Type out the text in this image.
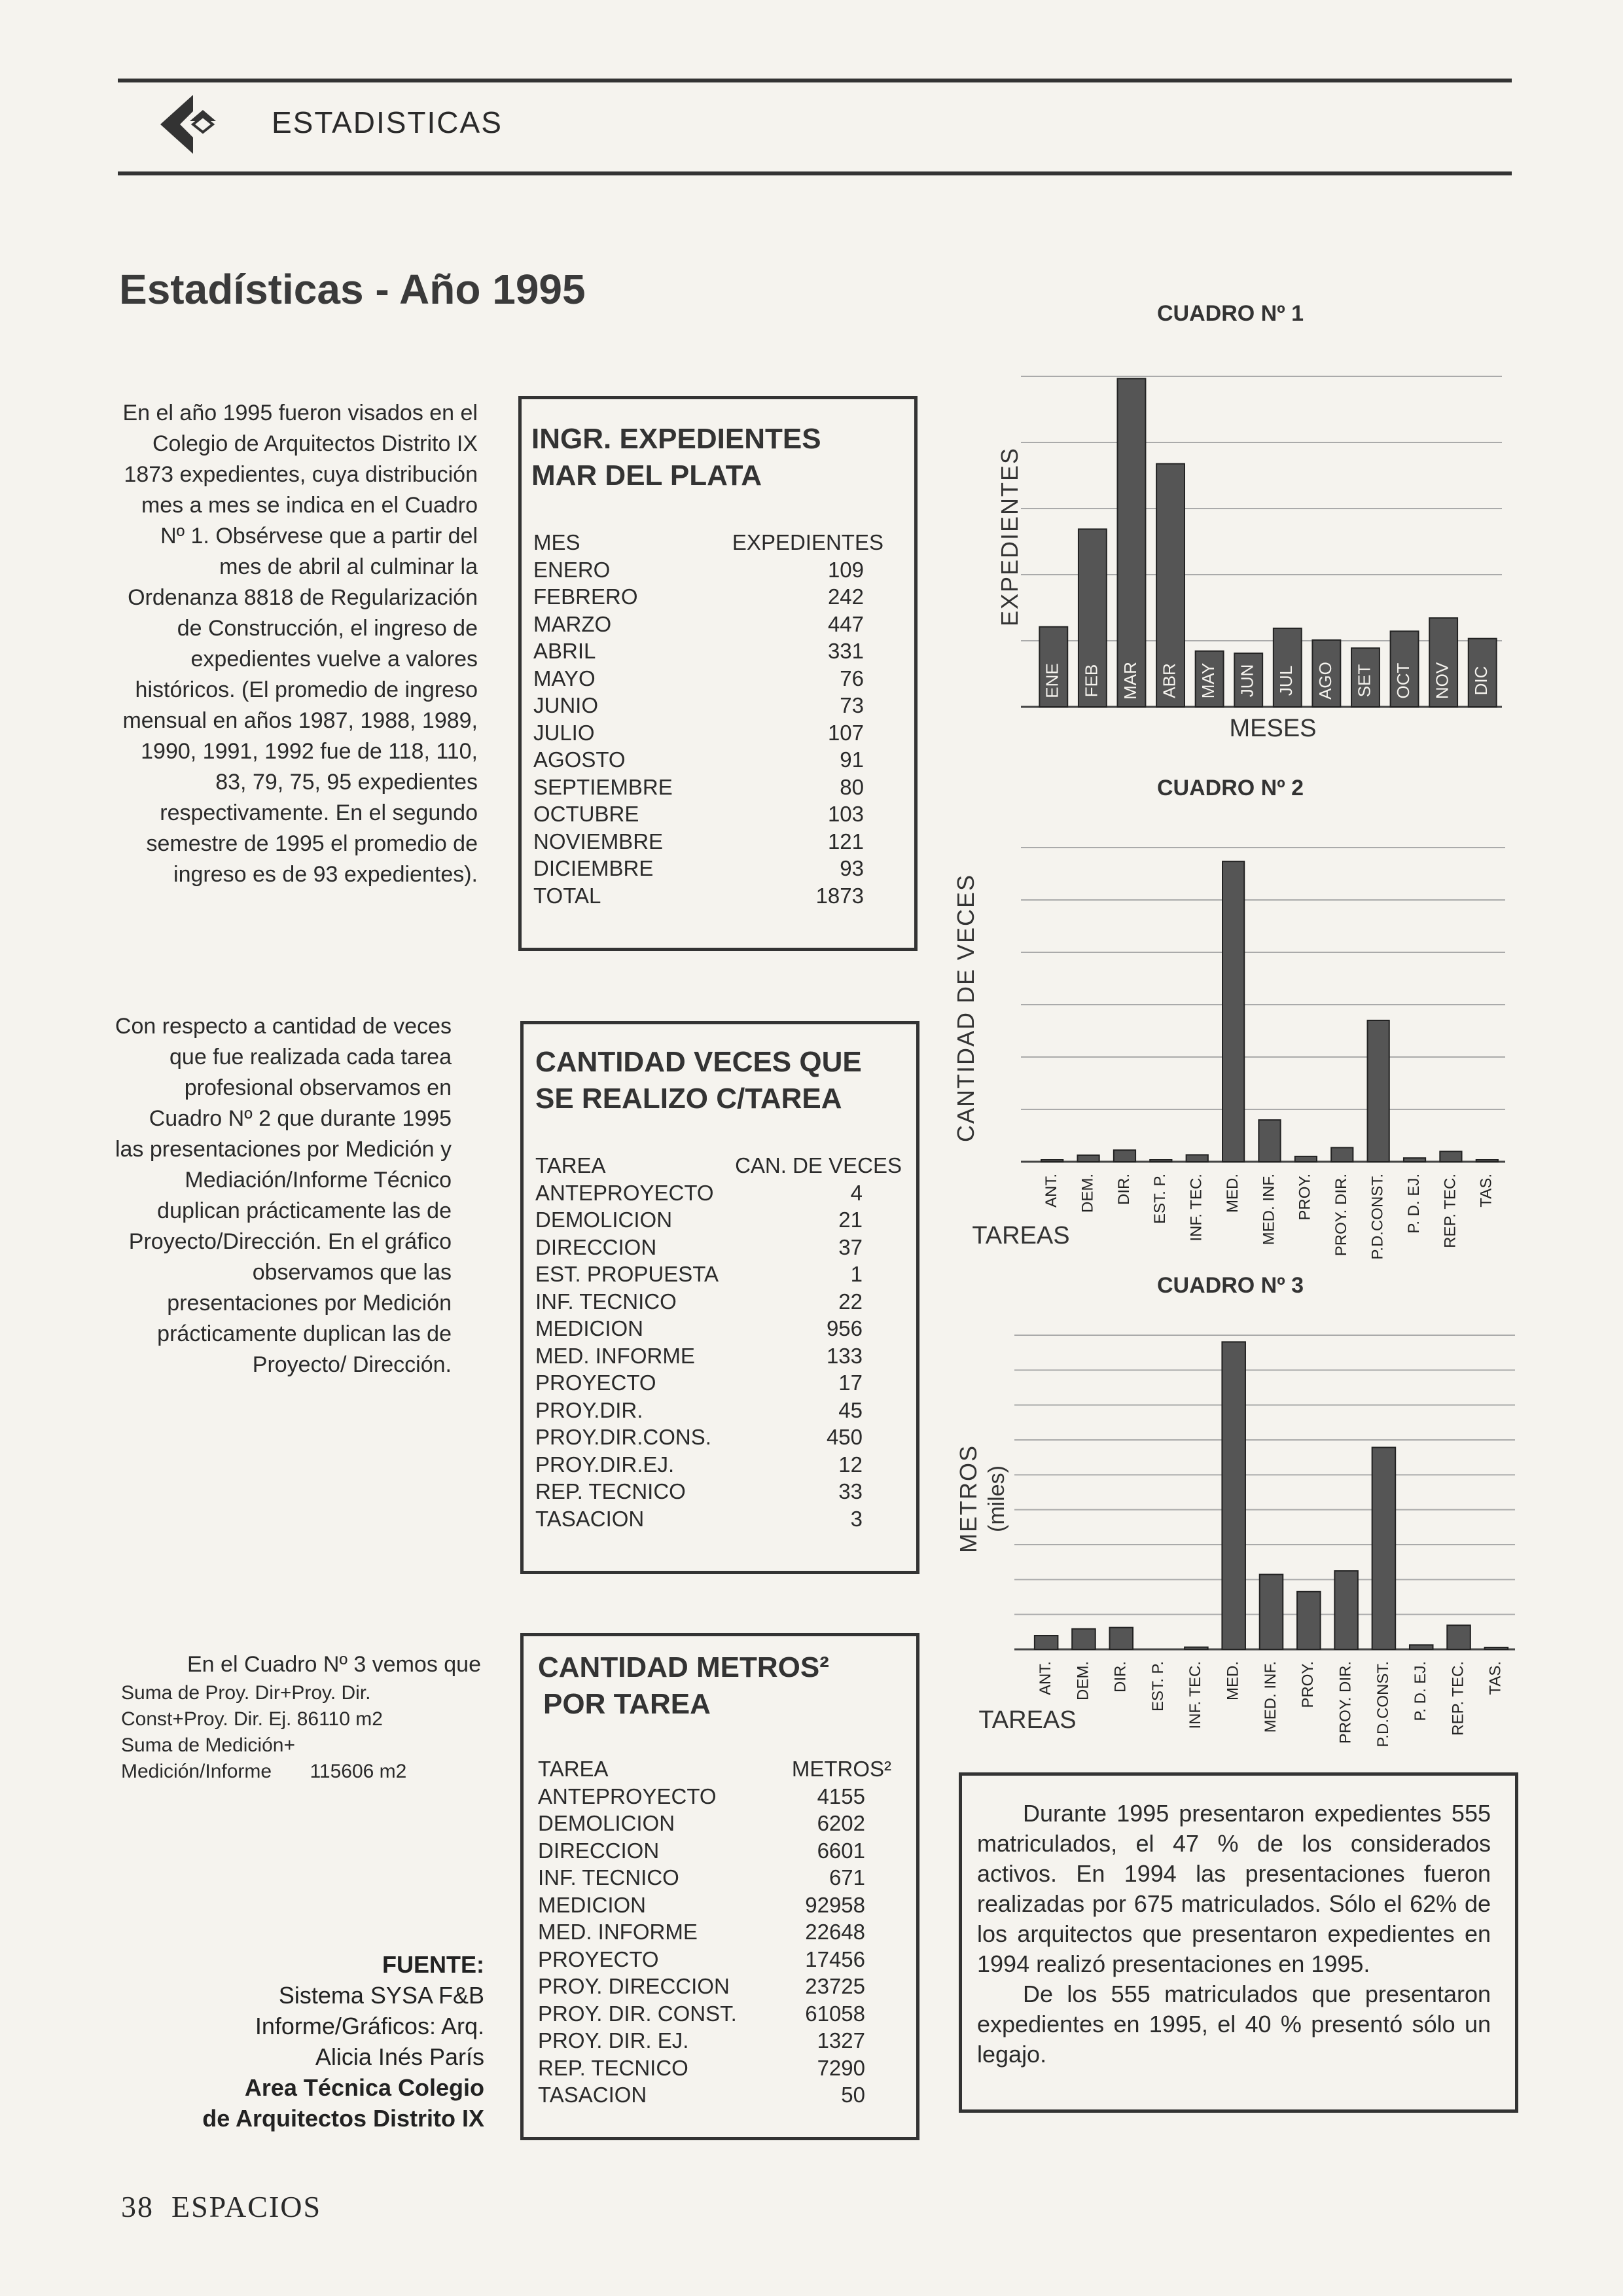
ESTADISTICAS
Estadísticas - Año 1995
En el año 1995 fueron visados en el Colegio de Arquitectos Distrito IX 1873 expedientes, cuya distribución mes a mes se indica en el Cuadro Nº 1. Obsérvese que a partir del mes de abril al culminar la Ordenanza 8818 de Regularización de Construcción, el ingreso de expedientes vuelve a valores históricos. (El promedio de ingreso mensual en años 1987, 1988, 1989, 1990, 1991, 1992 fue de 118, 110, 83, 79, 75, 95 expedientes respectivamente. En el segundo semestre de 1995 el promedio de ingreso es de 93 expedientes).
Con respecto a cantidad de veces que fue realizada cada tarea profesional observamos en Cuadro Nº 2 que durante 1995 las presentaciones por Medición y Mediación/Informe Técnico duplican prácticamente las de Proyecto/Dirección. En el gráfico observamos que las presentaciones por Medición prácticamente duplican las de Proyecto/ Dirección.
En el Cuadro Nº 3 vemos que
Suma de Proy. Dir+Proy. Dir.
Const+Proy. Dir. Ej. 86110 m2
Suma de Medición+
Medición/Informe       115606 m2
FUENTE:
Sistema SYSA F&B
Informe/Gráficos: Arq.
Alicia Inés París
Area Técnica Colegio
de Arquitectos Distrito IX
INGR. EXPEDIENTES
MAR DEL PLATA
MES	EXPEDIENTES
ENERO	109
FEBRERO	242
MARZO	447
ABRIL	331
MAYO	76
JUNIO	73
JULIO	107
AGOSTO	91
SEPTIEMBRE	80
OCTUBRE	103
NOVIEMBRE	121
DICIEMBRE	93
TOTAL	1873
CANTIDAD VECES QUE
SE REALIZO C/TAREA
TAREA	CAN. DE VECES
ANTEPROYECTO	4
DEMOLICION	21
DIRECCION	37
EST. PROPUESTA	1
INF. TECNICO	22
MEDICION	956
MED. INFORME	133
PROYECTO	17
PROY.DIR.	45
PROY.DIR.CONS.	450
PROY.DIR.EJ.	12
REP. TECNICO	33
TASACION	3
CANTIDAD METROS²
POR TAREA
TAREA	METROS²
ANTEPROYECTO	4155
DEMOLICION	6202
DIRECCION	6601
INF. TECNICO	671
MEDICION	92958
MED. INFORME	22648
PROYECTO	17456
PROY. DIRECCION	23725
PROY. DIR. CONST.	61058
PROY. DIR. EJ.	1327
REP. TECNICO	7290
TASACION	50
CUADRO Nº 1
ENE FEB MAR ABR MAY JUN JUL AGO SET OCT NOV DIC
EXPEDIENTES
MESES
CUADRO Nº 2
ANT. DEM. DIR. EST. P. INF. TEC. MED. MED. INF. PROY. PROY. DIR. P.D.CONST. P. D. EJ. REP. TEC. TAS.
CANTIDAD DE VECES
TAREAS
CUADRO Nº 3
ANT. DEM. DIR. EST. P. INF. TEC. MED. MED. INF. PROY. PROY. DIR. P.D.CONST. P. D. EJ. REP. TEC. TAS.
METROS (miles)
TAREAS
Durante 1995 presentaron expedientes 555 matriculados, el 47 % de los considerados activos. En 1994 las presentaciones fueron realizadas por 675 matriculados. Sólo el 62% de los arquitectos que presentaron expedientes en 1994 realizó presentaciones en 1995.
De los 555 matriculados que presentaron expedientes en 1995, el 40 % presentó sólo un legajo.
38 ESPACIOS
